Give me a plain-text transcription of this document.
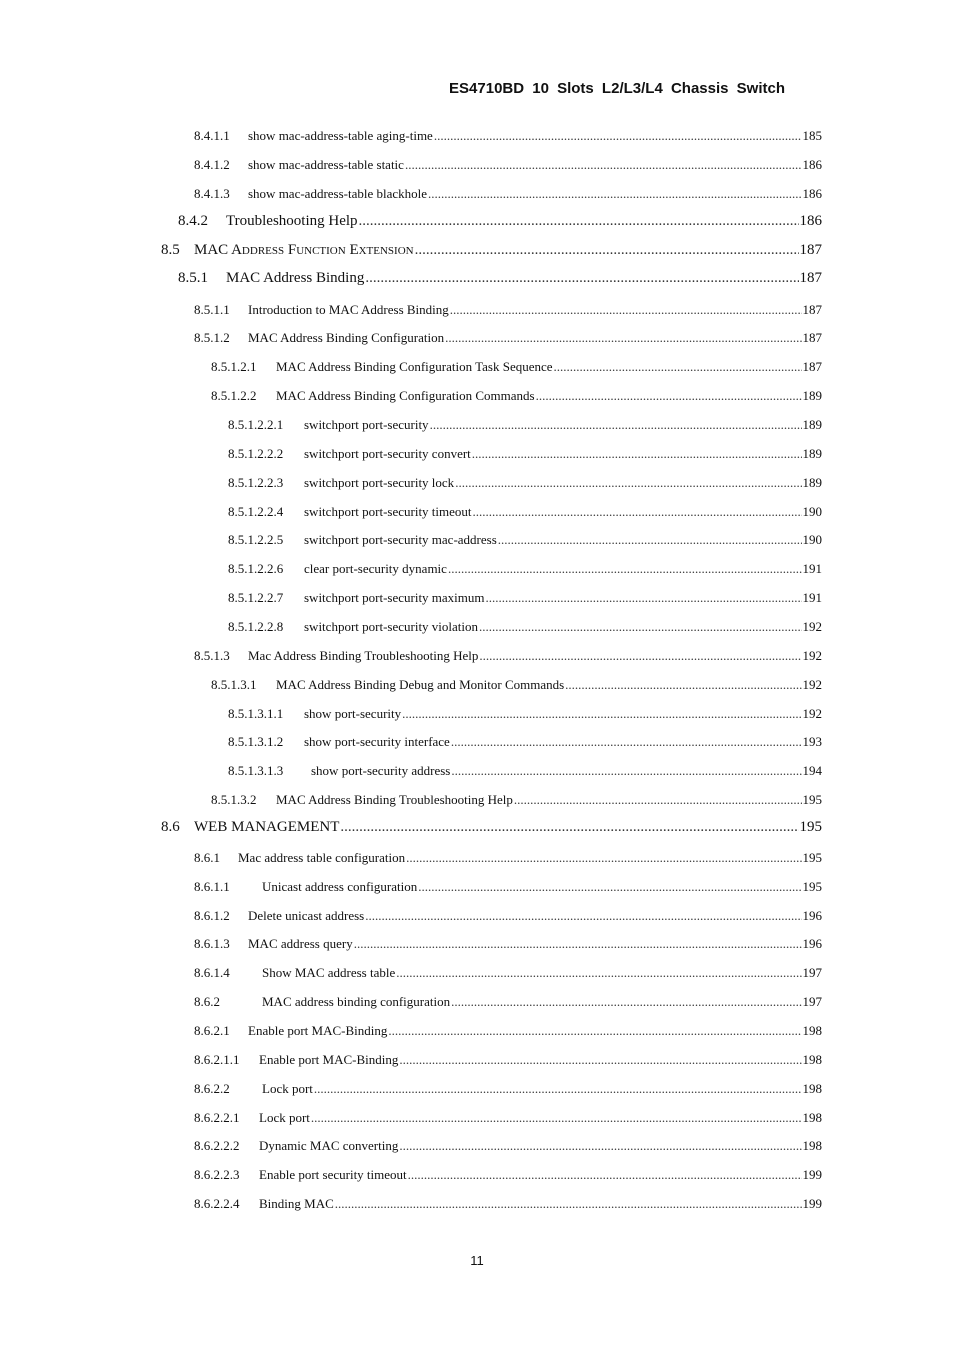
ES4710BD 10 Slots L2/L3/L4 Chassis Switch
8.4.1.1	show mac-address-table aging-time .....	185
8.4.1.2	show mac-address-table static .....	186
8.4.1.3	show mac-address-table blackhole .....	186
8.4.2	Troubleshooting Help .....	186
8.5 MAC Address Function Extension .....	187
8.5.1	MAC Address Binding .....	187
8.5.1.1	Introduction to MAC Address Binding .....	187
8.5.1.2	MAC Address Binding Configuration .....	187
8.5.1.2.1	MAC Address Binding Configuration Task Sequence .....	187
8.5.1.2.2	MAC Address Binding Configuration Commands .....	189
8.5.1.2.2.1	switchport port-security .....	189
8.5.1.2.2.2	switchport port-security convert .....	189
8.5.1.2.2.3	switchport port-security lock .....	189
8.5.1.2.2.4	switchport port-security timeout .....	190
8.5.1.2.2.5	switchport port-security mac-address .....	190
8.5.1.2.2.6	clear port-security dynamic .....	191
8.5.1.2.2.7	switchport port-security maximum .....	191
8.5.1.2.2.8	switchport port-security violation .....	192
8.5.1.3	Mac Address Binding Troubleshooting Help .....	192
8.5.1.3.1	MAC Address Binding Debug and Monitor Commands .....	192
8.5.1.3.1.1	show port-security .....	192
8.5.1.3.1.2	show port-security interface .....	193
8.5.1.3.1.3	show port-security address .....	194
8.5.1.3.2	MAC Address Binding Troubleshooting Help .....	195
8.6 WEB MANAGEMENT .....	195
8.6.1	Mac address table configuration .....	195
8.6.1.1	Unicast address configuration .....	195
8.6.1.2	Delete unicast address .....	196
8.6.1.3	MAC address query .....	196
8.6.1.4	Show MAC address table .....	197
8.6.2	MAC address binding configuration .....	197
8.6.2.1	Enable port MAC-Binding .....	198
8.6.2.1.1	Enable port MAC-Binding .....	198
8.6.2.2	Lock port .....	198
8.6.2.2.1	Lock port .....	198
8.6.2.2.2	Dynamic MAC converting .....	198
8.6.2.2.3	Enable port security timeout .....	199
8.6.2.2.4	Binding MAC .....	199
11
